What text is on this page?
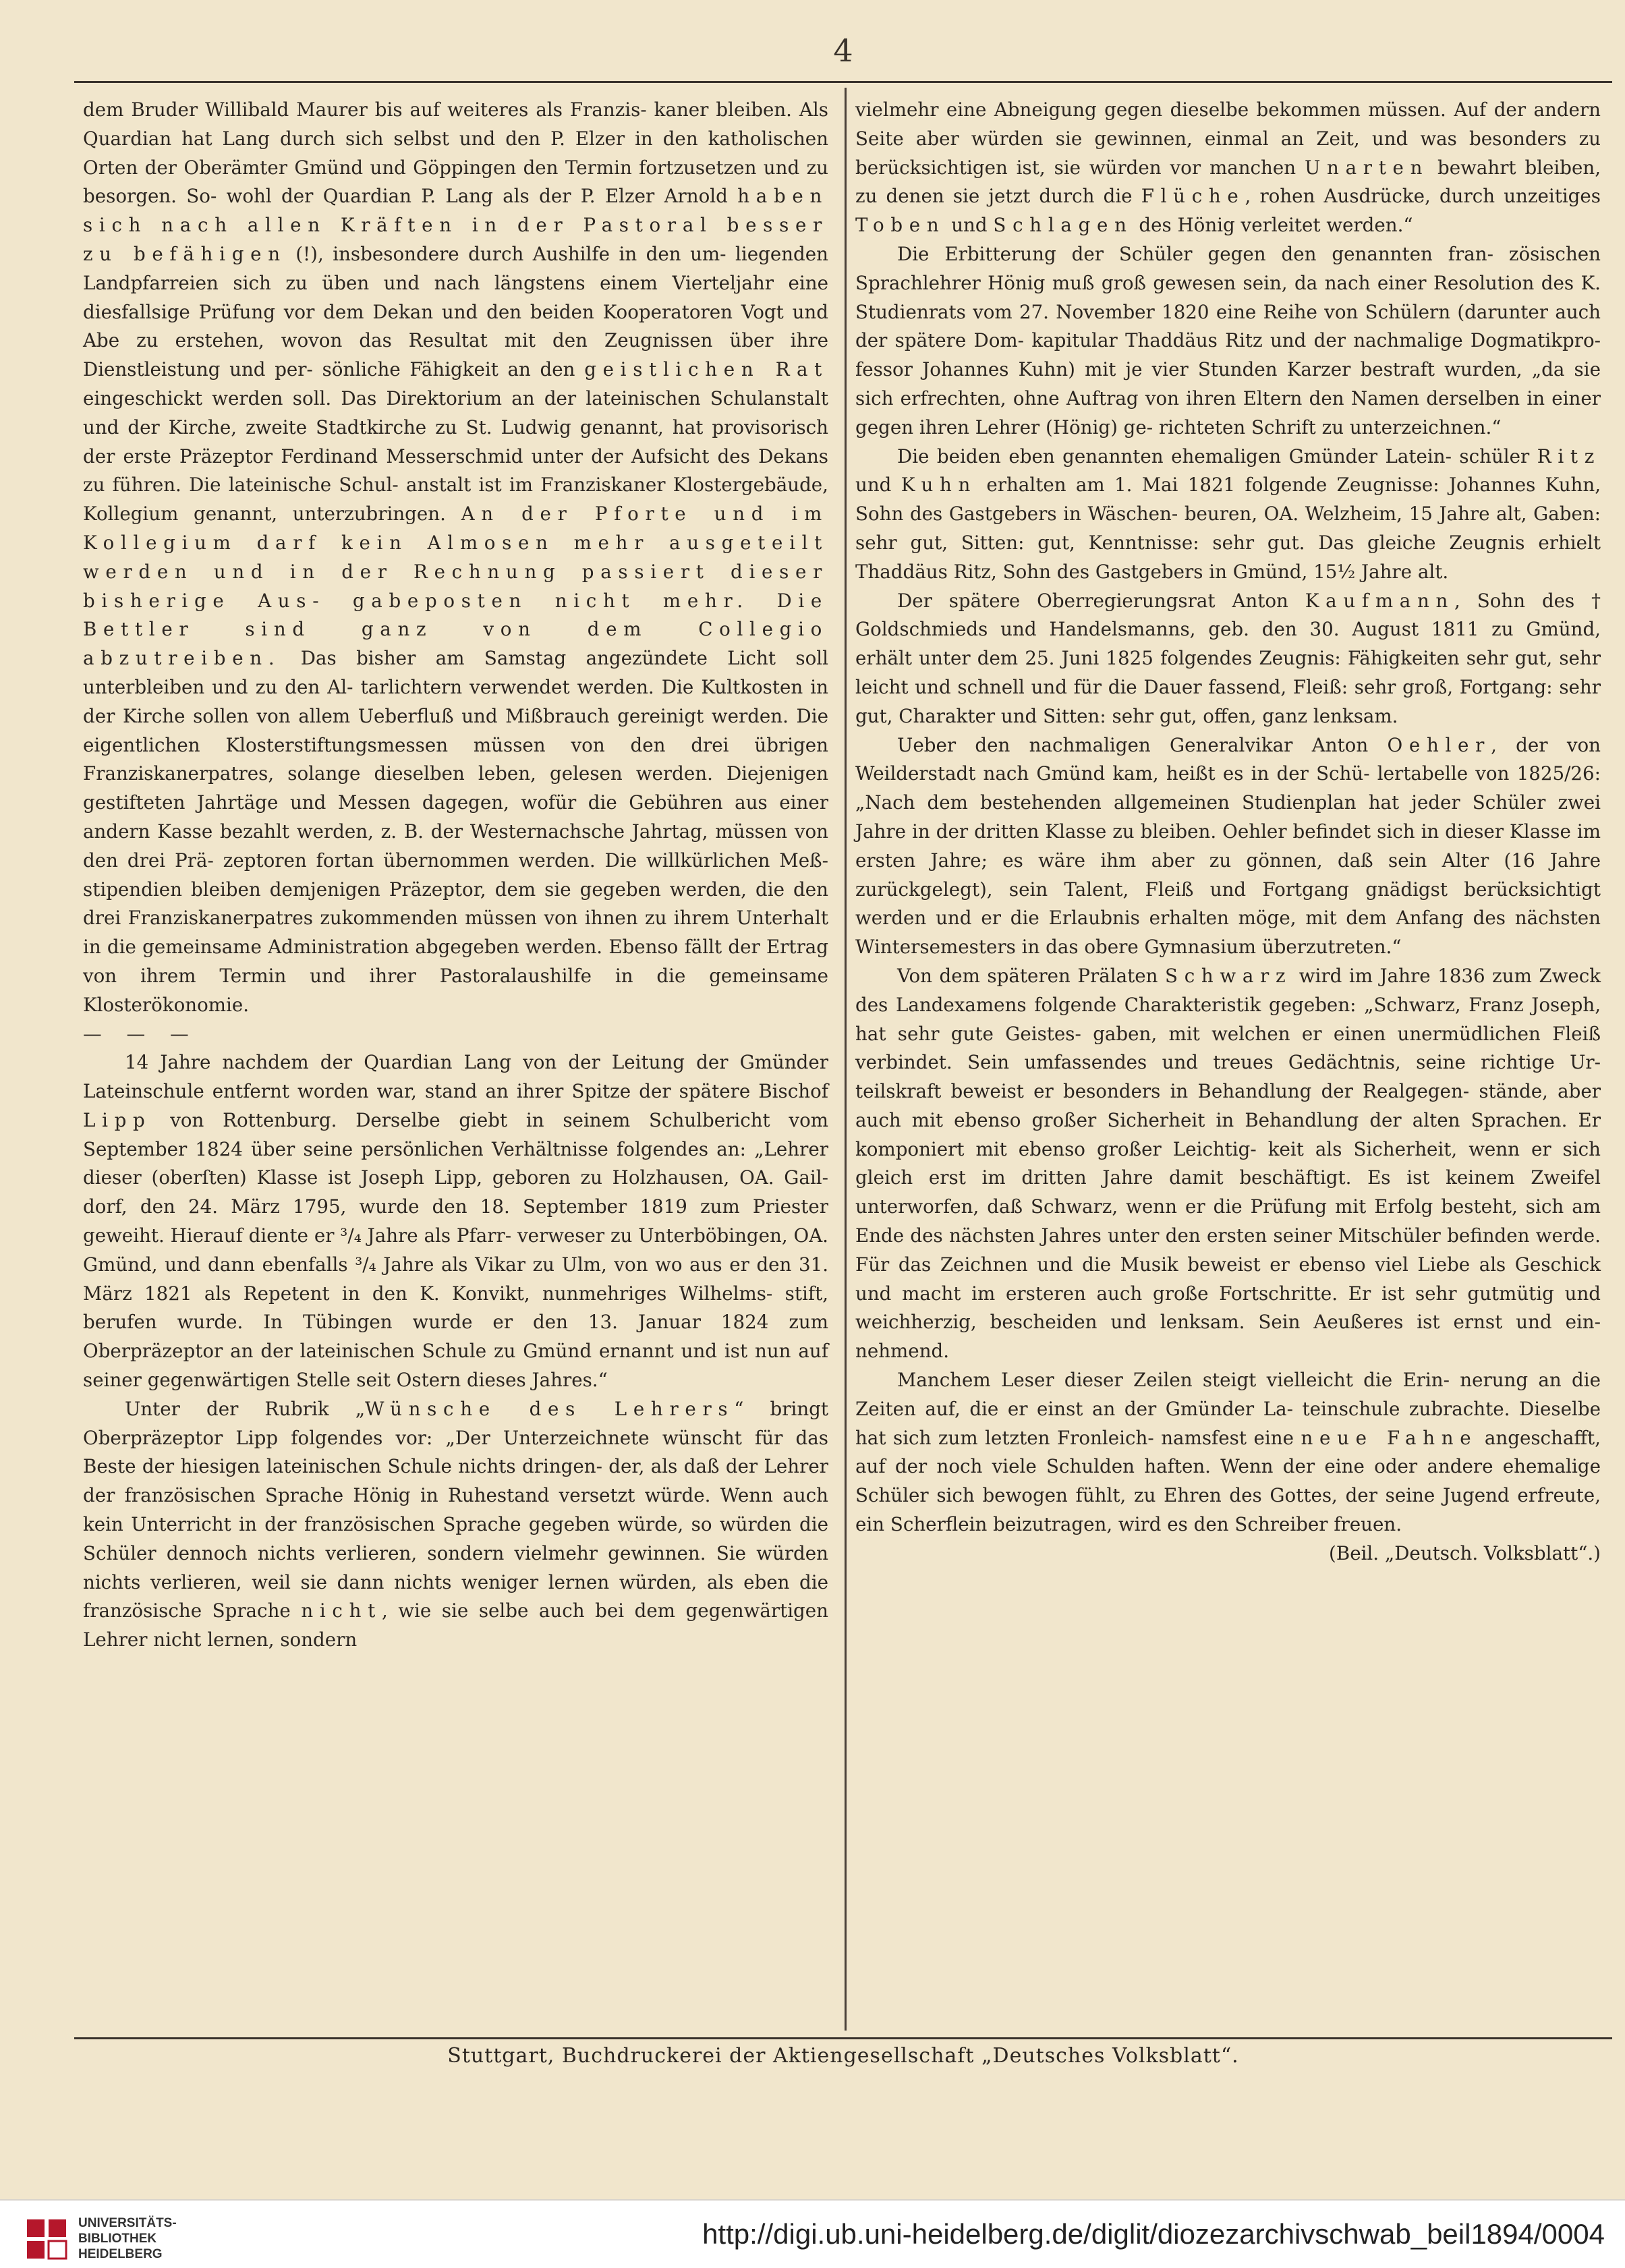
4

dem Bruder Willibald Maurer bis auf weiteres als Franzis- kaner bleiben. Als Quardian hat Lang durch sich selbst und den P. Elzer in den katholischen Orten der Oberämter Gmünd und Göppingen den Termin fortzusetzen und zu besorgen. So- wohl der Quardian P. Lang als der P. Elzer Arnold haben sich nach allen Kräften in der Pastoral besser zu befähigen (!), insbesondere durch Aushilfe in den um- liegenden Landpfarreien sich zu üben und nach längstens einem Vierteljahr eine diesfallsige Prüfung vor dem Dekan und den beiden Kooperatoren Vogt und Abe zu erstehen, wovon das Resultat mit den Zeugnissen über ihre Dienstleistung und per- sönliche Fähigkeit an den geistlichen Rat eingeschickt werden soll. Das Direktorium an der lateinischen Schulanstalt und der Kirche, zweite Stadtkirche zu St. Ludwig genannt, hat provisorisch der erste Präzeptor Ferdinand Messerschmid unter der Aufsicht des Dekans zu führen. Die lateinische Schul- anstalt ist im Franziskaner Klostergebäude, Kollegium genannt, unterzubringen. An der Pforte und im Kollegium darf kein Almosen mehr ausgeteilt werden und in der Rechnung passiert dieser bisherige Aus- gabeposten nicht mehr. Die Bettler sind ganz von dem Collegio abzutreiben. Das bisher am Samstag angezündete Licht soll unterbleiben und zu den Al- tarlichtern verwendet werden. Die Kultkosten in der Kirche sollen von allem Ueberfluß und Mißbrauch gereinigt werden. Die eigentlichen Klosterstiftungsmessen müssen von den drei übrigen Franziskanerpatres, solange dieselben leben, gelesen werden. Diejenigen gestifteten Jahrtäge und Messen dagegen, wofür die Gebühren aus einer andern Kasse bezahlt werden, z. B. der Westernachsche Jahrtag, müssen von den drei Prä- zeptoren fortan übernommen werden. Die willkürlichen Meß- stipendien bleiben demjenigen Präzeptor, dem sie gegeben werden, die den drei Franziskanerpatres zukommenden müssen von ihnen zu ihrem Unterhalt in die gemeinsame Administration abgegeben werden. Ebenso fällt der Ertrag von ihrem Termin und ihrer Pastoralaushilfe in die gemeinsame Klosterökonomie.

— — —

14 Jahre nachdem der Quardian Lang von der Leitung der Gmünder Lateinschule entfernt worden war, stand an ihrer Spitze der spätere Bischof Lipp von Rottenburg. Derselbe giebt in seinem Schulbericht vom September 1824 über seine persönlichen Verhältnisse folgendes an: „Lehrer dieser (oberſten) Klasse ist Joseph Lipp, geboren zu Holzhausen, OA. Gail- dorf, den 24. März 1795, wurde den 18. September 1819 zum Priester geweiht. Hierauf diente er ³/₄ Jahre als Pfarr- verweser zu Unterböbingen, OA. Gmünd, und dann ebenfalls ³/₄ Jahre als Vikar zu Ulm, von wo aus er den 31. März 1821 als Repetent in den K. Konvikt, nunmehriges Wilhelms- stift, berufen wurde. In Tübingen wurde er den 13. Januar 1824 zum Oberpräzeptor an der lateinischen Schule zu Gmünd ernannt und ist nun auf seiner gegenwärtigen Stelle seit Ostern dieses Jahres.“

Unter der Rubrik „Wünsche des Lehrers“ bringt Oberpräzeptor Lipp folgendes vor: „Der Unterzeichnete wünscht für das Beste der hiesigen lateinischen Schule nichts dringen- der, als daß der Lehrer der französischen Sprache Hönig in Ruhestand versetzt würde. Wenn auch kein Unterricht in der französischen Sprache gegeben würde, so würden die Schüler dennoch nichts verlieren, sondern vielmehr gewinnen. Sie würden nichts verlieren, weil sie dann nichts weniger lernen würden, als eben die französische Sprache nicht, wie sie selbe auch bei dem gegenwärtigen Lehrer nicht lernen, sondern

vielmehr eine Abneigung gegen dieselbe bekommen müssen. Auf der andern Seite aber würden sie gewinnen, einmal an Zeit, und was besonders zu berücksichtigen ist, sie würden vor manchen Unarten bewahrt bleiben, zu denen sie jetzt durch die Flüche, rohen Ausdrücke, durch unzeitiges Toben und Schlagen des Hönig verleitet werden.“

Die Erbitterung der Schüler gegen den genannten fran- zösischen Sprachlehrer Hönig muß groß gewesen sein, da nach einer Resolution des K. Studienrats vom 27. November 1820 eine Reihe von Schülern (darunter auch der spätere Dom- kapitular Thaddäus Ritz und der nachmalige Dogmatikpro- fessor Johannes Kuhn) mit je vier Stunden Karzer bestraft wurden, „da sie sich erfrechten, ohne Auftrag von ihren Eltern den Namen derselben in einer gegen ihren Lehrer (Hönig) ge- richteten Schrift zu unterzeichnen.“

Die beiden eben genannten ehemaligen Gmünder Latein- schüler Ritz und Kuhn erhalten am 1. Mai 1821 folgende Zeugnisse: Johannes Kuhn, Sohn des Gastgebers in Wäschen- beuren, OA. Welzheim, 15 Jahre alt, Gaben: sehr gut, Sitten: gut, Kenntnisse: sehr gut. Das gleiche Zeugnis erhielt Thaddäus Ritz, Sohn des Gastgebers in Gmünd, 15½ Jahre alt.

Der spätere Oberregierungsrat Anton Kaufmann, Sohn des † Goldschmieds und Handelsmanns, geb. den 30. August 1811 zu Gmünd, erhält unter dem 25. Juni 1825 folgendes Zeugnis: Fähigkeiten sehr gut, sehr leicht und schnell und für die Dauer fassend, Fleiß: sehr groß, Fortgang: sehr gut, Charakter und Sitten: sehr gut, offen, ganz lenksam.

Ueber den nachmaligen Generalvikar Anton Oehler, der von Weilderstadt nach Gmünd kam, heißt es in der Schü- lertabelle von 1825/26: „Nach dem bestehenden allgemeinen Studienplan hat jeder Schüler zwei Jahre in der dritten Klasse zu bleiben. Oehler befindet sich in dieser Klasse im ersten Jahre; es wäre ihm aber zu gönnen, daß sein Alter (16 Jahre zurückgelegt), sein Talent, Fleiß und Fortgang gnädigst berücksichtigt werden und er die Erlaubnis erhalten möge, mit dem Anfang des nächsten Wintersemesters in das obere Gymnasium überzutreten.“

Von dem späteren Prälaten Schwarz wird im Jahre 1836 zum Zweck des Landexamens folgende Charakteristik gegeben: „Schwarz, Franz Joseph, hat sehr gute Geistes- gaben, mit welchen er einen unermüdlichen Fleiß verbindet. Sein umfassendes und treues Gedächtnis, seine richtige Ur- teilskraft beweist er besonders in Behandlung der Realgegen- stände, aber auch mit ebenso großer Sicherheit in Behandlung der alten Sprachen. Er komponiert mit ebenso großer Leichtig- keit als Sicherheit, wenn er sich gleich erst im dritten Jahre damit beschäftigt. Es ist keinem Zweifel unterworfen, daß Schwarz, wenn er die Prüfung mit Erfolg besteht, sich am Ende des nächsten Jahres unter den ersten seiner Mitschüler befinden werde. Für das Zeichnen und die Musik beweist er ebenso viel Liebe als Geschick und macht im ersteren auch große Fortschritte. Er ist sehr gutmütig und weichherzig, bescheiden und lenksam. Sein Aeußeres ist ernst und ein- nehmend.

Manchem Leser dieser Zeilen steigt vielleicht die Erin- nerung an die Zeiten auf, die er einst an der Gmünder La- teinschule zubrachte. Dieselbe hat sich zum letzten Fronleich- namsfest eine neue Fahne angeschafft, auf der noch viele Schulden haften. Wenn der eine oder andere ehemalige Schüler sich bewogen fühlt, zu Ehren des Gottes, der seine Jugend erfreute, ein Scherflein beizutragen, wird es den Schreiber freuen.
(Beil. „Deutsch. Volksblatt“.)

Stuttgart, Buchdruckerei der Aktiengesellschaft „Deutsches Volksblatt“.
UNIVERSITÄTS-
BIBLIOTHEK
HEIDELBERG
http://digi.ub.uni-heidelberg.de/diglit/diozezarchivschwab_beil1894/0004
